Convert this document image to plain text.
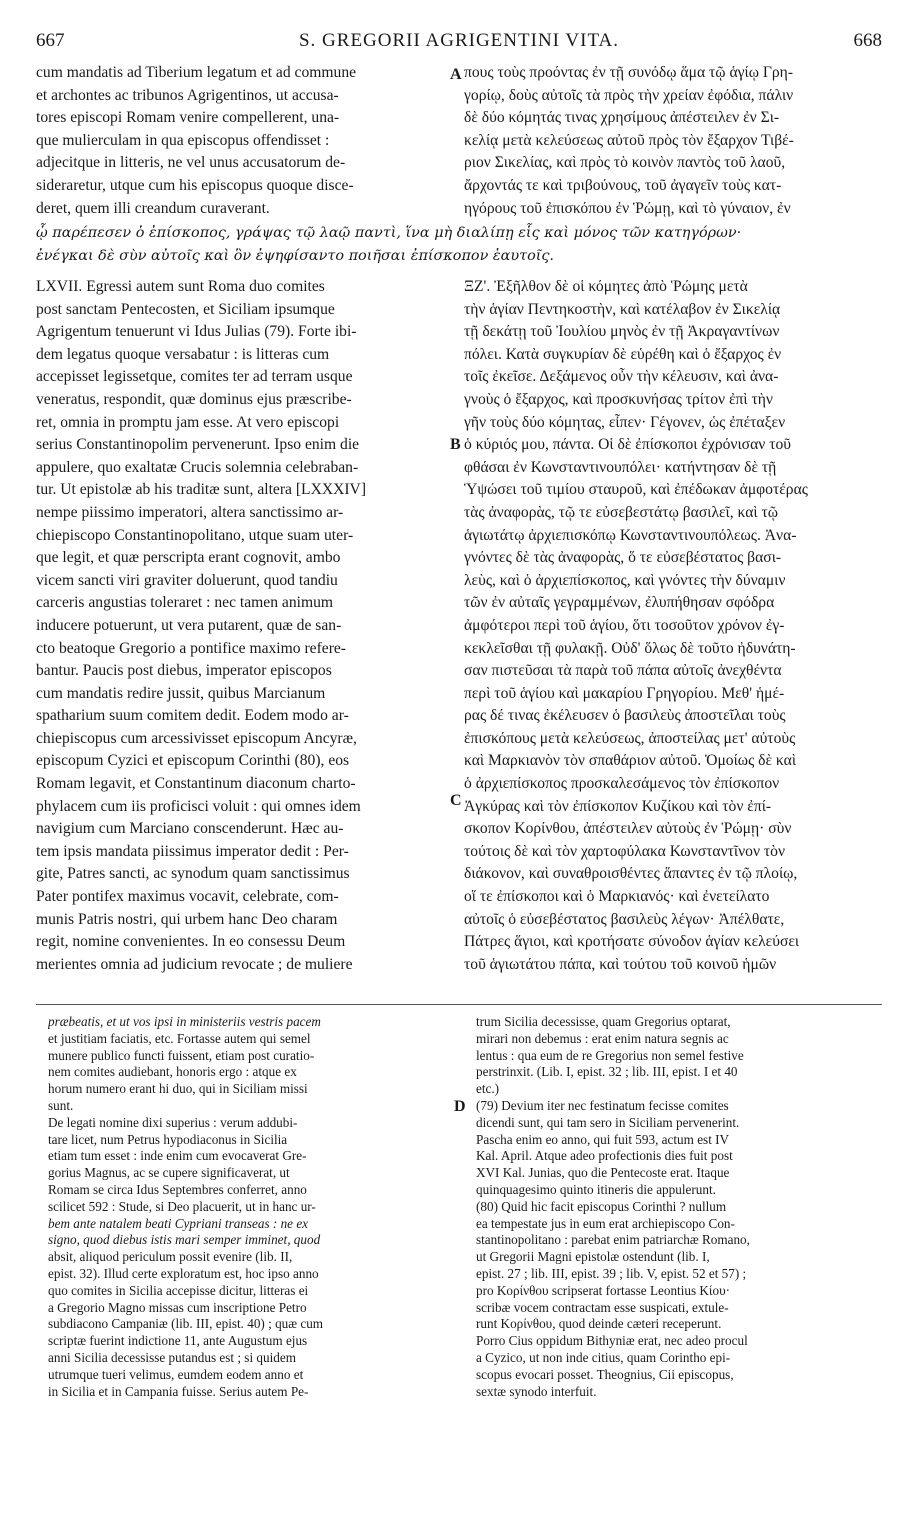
667	S. GREGORII AGRIGENTINI VITA.	668
cum mandatis ad Tiberium legatum et ad commune
et archontes ac tribunos Agrigentinos, ut accusa-
tores episcopi Romam venire compellerent, una-
que mulierculam in qua episcopus offendisset :
adjecitque in litteris, ne vel unus accusatorum de-
sideraretur, utque cum his episcopus quoque disce-
deret, quem illi creandum curaverant.
πους τοὺς προόντας ἐν τῇ συνόδῳ ἅμα τῷ ἁγίῳ Γρη-
γορίῳ, δοὺς αὐτοῖς τὰ πρὸς τὴν χρείαν ἐφόδια, πάλιν
δὲ δύο κόμητάς τινας χρησίμους ἀπέστειλεν ἐν Σι-
κελίᾳ μετὰ κελεύσεως αὐτοῦ πρὸς τὸν ἔξαρχον Τιβέ-
ριον Σικελίας, καὶ πρὸς τὸ κοινὸν παντὸς τοῦ λαοῦ,
ἄρχοντάς τε καὶ τριβούνους, τοῦ ἀγαγεῖν τοὺς κατ-
ηγόρους τοῦ ἐπισκόπου ἐν Ῥώμῃ, καὶ τὸ γύναιον, ἐν
ᾧ παρέπεσεν ὁ ἐπίσκοπος, γράψας τῷ λαῷ παντὶ, ἵνα μὴ διαλίπῃ εἷς καὶ μόνος τῶν κατηγόρων·
ἐνέγκαι δὲ σὺν αὐτοῖς καὶ ὃν ἐψηφίσαντο ποιῆσαι ἐπίσκοπον ἑαυτοῖς.
LXVII. Egressi autem sunt Roma duo comites
post sanctam Pentecosten, et Siciliam ipsumque
Agrigentum tenuerunt vi Idus Julias (79). Forte ibi-
dem legatus quoque versabatur : is litteras cum
accepisset legissetque, comites ter ad terram usque
veneratus, respondit, quæ dominus ejus præscribe-
ret, omnia in promptu jam esse. At vero episcopi
serius Constantinopolim pervenerunt. Ipso enim die
appulere, quo exaltatæ Crucis solemnia celebraban-
tur. Ut epistolæ ab his traditæ sunt, altera [LXXXIV]
nempe piissimo imperatori, altera sanctissimo ar-
chiepiscopo Constantinopolitano, utque suam uter-
que legit, et quæ perscripta erant cognovit, ambo
vicem sancti viri graviter doluerunt, quod tandiu
carceris angustias toleraret : nec tamen animum
inducere potuerunt, ut vera putarent, quæ de san-
cto beatoque Gregorio a pontifice maximo refere-
bantur. Paucis post diebus, imperator episcopos
cum mandatis redire jussit, quibus Marcianum
spatharium suum comitem dedit. Eodem modo ar-
chiepiscopus cum arcessivisset episcopum Ancyræ,
episcopum Cyzici et episcopum Corinthi (80), eos
Romam legavit, et Constantinum diaconum charto-
phylacem cum iis proficisci voluit : qui omnes idem
navigium cum Marciano conscenderunt. Hæc au-
tem ipsis mandata piissimus imperator dedit : Per-
gite, Patres sancti, ac synodum quam sanctissimus
Pater pontifex maximus vocavit, celebrate, com-
munis Patris nostri, qui urbem hanc Deo charam
regit, nomine convenientes. In eo consessu Deum
merientes omnia ad judicium revocate ; de muliere
ΞΖ'. Ἐξῆλθον δὲ οἱ κόμητες ἀπὸ Ῥώμης μετὰ
τὴν ἁγίαν Πεντηκοστὴν, καὶ κατέλαβον ἐν Σικελίᾳ
τῇ δεκάτῃ τοῦ Ἰουλίου μηνὸς ἐν τῇ Ἀκραγαντίνων
πόλει. Κατὰ συγκυρίαν δὲ εὑρέθη καὶ ὁ ἔξαρχος ἐν
τοῖς ἐκεῖσε. Δεξάμενος οὖν τὴν κέλευσιν, καὶ ἀνα-
γνοὺς ὁ ἔξαρχος, καὶ προσκυνήσας τρίτον ἐπὶ τὴν
γῆν τοὺς δύο κόμητας, εἶπεν· Γέγονεν, ὡς ἐπέταξεν
ὁ κύριός μου, πάντα. Οἱ δὲ ἐπίσκοποι ἐχρόνισαν τοῦ
φθάσαι ἐν Κωνσταντινουπόλει· κατήντησαν δὲ τῇ
Ὑψώσει τοῦ τιμίου σταυροῦ, καὶ ἐπέδωκαν ἀμφοτέρας
τὰς ἀναφορὰς, τῷ τε εὐσεβεστάτῳ βασιλεῖ, καὶ τῷ
ἁγιωτάτῳ ἀρχιεπισκόπῳ Κωνσταντινουπόλεως. Ἀνα-
γνόντες δὲ τὰς ἀναφορὰς, ὅ τε εὐσεβέστατος βασι-
λεὺς, καὶ ὁ ἀρχιεπίσκοπος, καὶ γνόντες τὴν δύναμιν
τῶν ἐν αὐταῖς γεγραμμένων, ἐλυπήθησαν σφόδρα
ἀμφότεροι περὶ τοῦ ἁγίου, ὅτι τοσοῦτον χρόνον ἐγ-
κεκλεῖσθαι τῇ φυλακῇ. Οὐδ' ὅλως δὲ τοῦτο ἠδυνάτη-
σαν πιστεῦσαι τὰ παρὰ τοῦ πάπα αὐτοῖς ἀνεχθέντα
περὶ τοῦ ἁγίου καὶ μακαρίου Γρηγορίου. Μεθ' ἡμέ-
ρας δέ τινας ἐκέλευσεν ὁ βασιλεὺς ἀποστεῖλαι τοὺς
ἐπισκόπους μετὰ κελεύσεως, ἀποστείλας μετ' αὐτοὺς
καὶ Μαρκιανὸν τὸν σπαθάριον αὐτοῦ. Ὁμοίως δὲ καὶ
ὁ ἀρχιεπίσκοπος προσκαλεσάμενος τὸν ἐπίσκοπον
Ἀγκύρας καὶ τὸν ἐπίσκοπον Κυζίκου καὶ τὸν ἐπί-
σκοπον Κορίνθου, ἀπέστειλεν αὐτοὺς ἐν Ῥώμῃ· σὺν
τούτοις δὲ καὶ τὸν χαρτοφύλακα Κωνσταντῖνον τὸν
διάκονον, καὶ συναθροισθέντες ἅπαντες ἐν τῷ πλοίῳ,
οἵ τε ἐπίσκοποι καὶ ὁ Μαρκιανός· καὶ ἐνετείλατο
αὐτοῖς ὁ εὐσεβέστατος βασιλεὺς λέγων· Ἀπέλθατε,
Πάτρες ἅγιοι, καὶ κροτήσατε σύνοδον ἁγίαν κελεύσει
τοῦ ἁγιωτάτου πάπα, καὶ τούτου τοῦ κοινοῦ ἡμῶν
A
B
C
præbeatis, et ut vos ipsi in ministeriis vestris pacem
et justitiam faciatis, etc. Fortasse autem qui semel
munere publico functi fuissent, etiam post curatio-
nem comites audiebant, honoris ergo : atque ex
horum numero erant hi duo, qui in Siciliam missi
sunt.
De legati nomine dixi superius : verum addubi-
tare licet, num Petrus hypodiaconus in Sicilia
etiam tum esset : inde enim cum evocaverat Gre-
gorius Magnus, ac se cupere significaverat, ut
Romam se circa Idus Septembres conferret, anno
scilicet 592 : Stude, si Deo placuerit, ut in hanc ur-
bem ante natalem beati Cypriani transeas : ne ex
signo, quod diebus istis mari semper imminet, quod
absit, aliquod periculum possit evenire (lib. II,
epist. 32). Illud certe exploratum est, hoc ipso anno
quo comites in Sicilia accepisse dicitur, litteras ei
a Gregorio Magno missas cum inscriptione Petro
subdiacono Campaniæ (lib. III, epist. 40) ; quæ cum
scriptæ fuerint indictione 11, ante Augustum ejus
anni Sicilia decessisse putandus est ; si quidem
utrumque tueri velimus, eumdem eodem anno et
in Sicilia et in Campania fuisse. Serius autem Pe-
trum Sicilia decessisse, quam Gregorius optarat,
mirari non debemus : erat enim natura segnis ac
lentus : qua eum de re Gregorius non semel festive
perstrinxit. (Lib. I, epist. 32 ; lib. III, epist. I et 40
etc.)
(79) Devium iter nec festinatum fecisse comites
dicendi sunt, qui tam sero in Siciliam pervenerint.
Pascha enim eo anno, qui fuit 593, actum est IV
Kal. April. Atque adeo profectionis dies fuit post
XVI Kal. Junias, quo die Pentecoste erat. Itaque
quinquagesimo quinto itineris die appulerunt.
(80) Quid hic facit episcopus Corinthi ? nullum
ea tempestate jus in eum erat archiepiscopo Con-
stantinopolitano : parebat enim patriarchæ Romano,
ut Gregorii Magni epistolæ ostendunt (lib. I,
epist. 27 ; lib. III, epist. 39 ; lib. V, epist. 52 et 57) ;
pro Κορίνθου scripserat fortasse Leontius Κίου·
scribæ vocem contractam esse suspicati, extule-
runt Κορίνθου, quod deinde cæteri receperunt.
Porro Cius oppidum Bithyniæ erat, nec adeo procul
a Cyzico, ut non inde citius, quam Corintho epi-
scopus evocari posset. Theognius, Cii episcopus,
sextæ synodo interfuit.
D
